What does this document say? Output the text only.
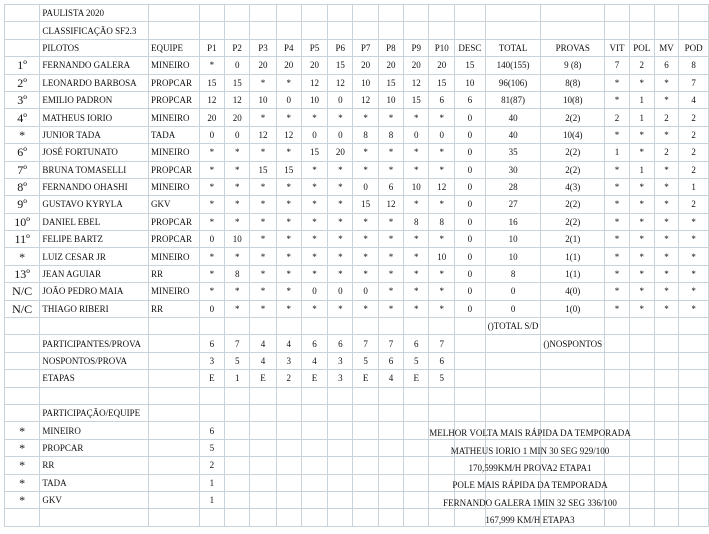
	PAULISTA 2020																		
	CLASSIFICAÇÃO SF2.3																		
	PILOTOS	EQUIPE	P1	P2	P3	P4	P5	P6	P7	P8	P9	P10	DESC	TOTAL	PROVAS	VIT	POL	MV	POD
1º	FERNANDO GALERA	MINEIRO	*	0	20	20	20	15	20	20	20	20	15	140(155)	9 (8)	7	2	6	8
2º	LEONARDO BARBOSA	PROPCAR	15	15	*	*	12	12	10	15	12	15	10	96(106)	8(8)	*	*	*	7
3º	EMILIO PADRON	PROPCAR	12	12	10	0	10	0	12	10	15	6	6	81(87)	10(8)	*	1	*	4
4º	MATHEUS IORIO	MINEIRO	20	20	*	*	*	*	*	*	*	*	0	40	2(2)	2	1	2	2
*	JUNIOR TADA	TADA	0	0	12	12	0	0	8	8	0	0	0	40	10(4)	*	*	*	2
6º	JOSÉ FORTUNATO	MINEIRO	*	*	*	*	15	20	*	*	*	*	0	35	2(2)	1	*	2	2
7º	BRUNA TOMASELLI	PROPCAR	*	*	15	15	*	*	*	*	*	*	0	30	2(2)	*	1	*	2
8º	FERNANDO OHASHI	MINEIRO	*	*	*	*	*	*	0	6	10	12	0	28	4(3)	*	*	*	1
9º	GUSTAVO KYRYLA	GKV	*	*	*	*	*	*	15	12	*	*	0	27	2(2)	*	*	*	2
10º	DANIEL EBEL	PROPCAR	*	*	*	*	*	*	*	*	8	8	0	16	2(2)	*	*	*	*
11º	FELIPE BARTZ	PROPCAR	0	10	*	*	*	*	*	*	*	*	0	10	2(1)	*	*	*	*
*	LUIZ CESAR JR	MINEIRO	*	*	*	*	*	*	*	*	*	10	0	10	1(1)	*	*	*	*
13º	JEAN AGUIAR	RR	*	8	*	*	*	*	*	*	*	*	0	8	1(1)	*	*	*	*
N/C	JOÃO PEDRO MAIA	MINEIRO	*	*	*	*	0	0	0	*	*	*	0	0	4(0)	*	*	*	*
N/C	THIAGO RIBERI	RR	0	*	*	*	*	*	*	*	*	*	0	0	1(0)	*	*	*	*
														()TOTAL S/D					
	PARTICIPANTES/PROVA		6	7	4	4	6	6	7	7	6	7			()NOSPONTOS				
	NOSPONTOS/PROVA		3	5	4	3	4	3	5	6	5	6							
	ETAPAS		E	1	E	2	E	3	E	4	E	5							

	PARTICIPAÇÃO/EQUIPE																		
*	MINEIRO		6																
*	PROPCAR		5																
*	RR		2																
*	TADA		1																
*	GKV		1																

MELHOR VOLTA MAIS RÁPIDA DA TEMPORADA
MATHEUS IORIO 1 MIN 30 SEG 929/100
170,599KM/H PROVA2 ETAPA1
POLE MAIS RÁPIDA DA TEMPORADA
FERNANDO GALERA 1MIN 32 SEG 336/100
167,999 KM/H ETAPA3
